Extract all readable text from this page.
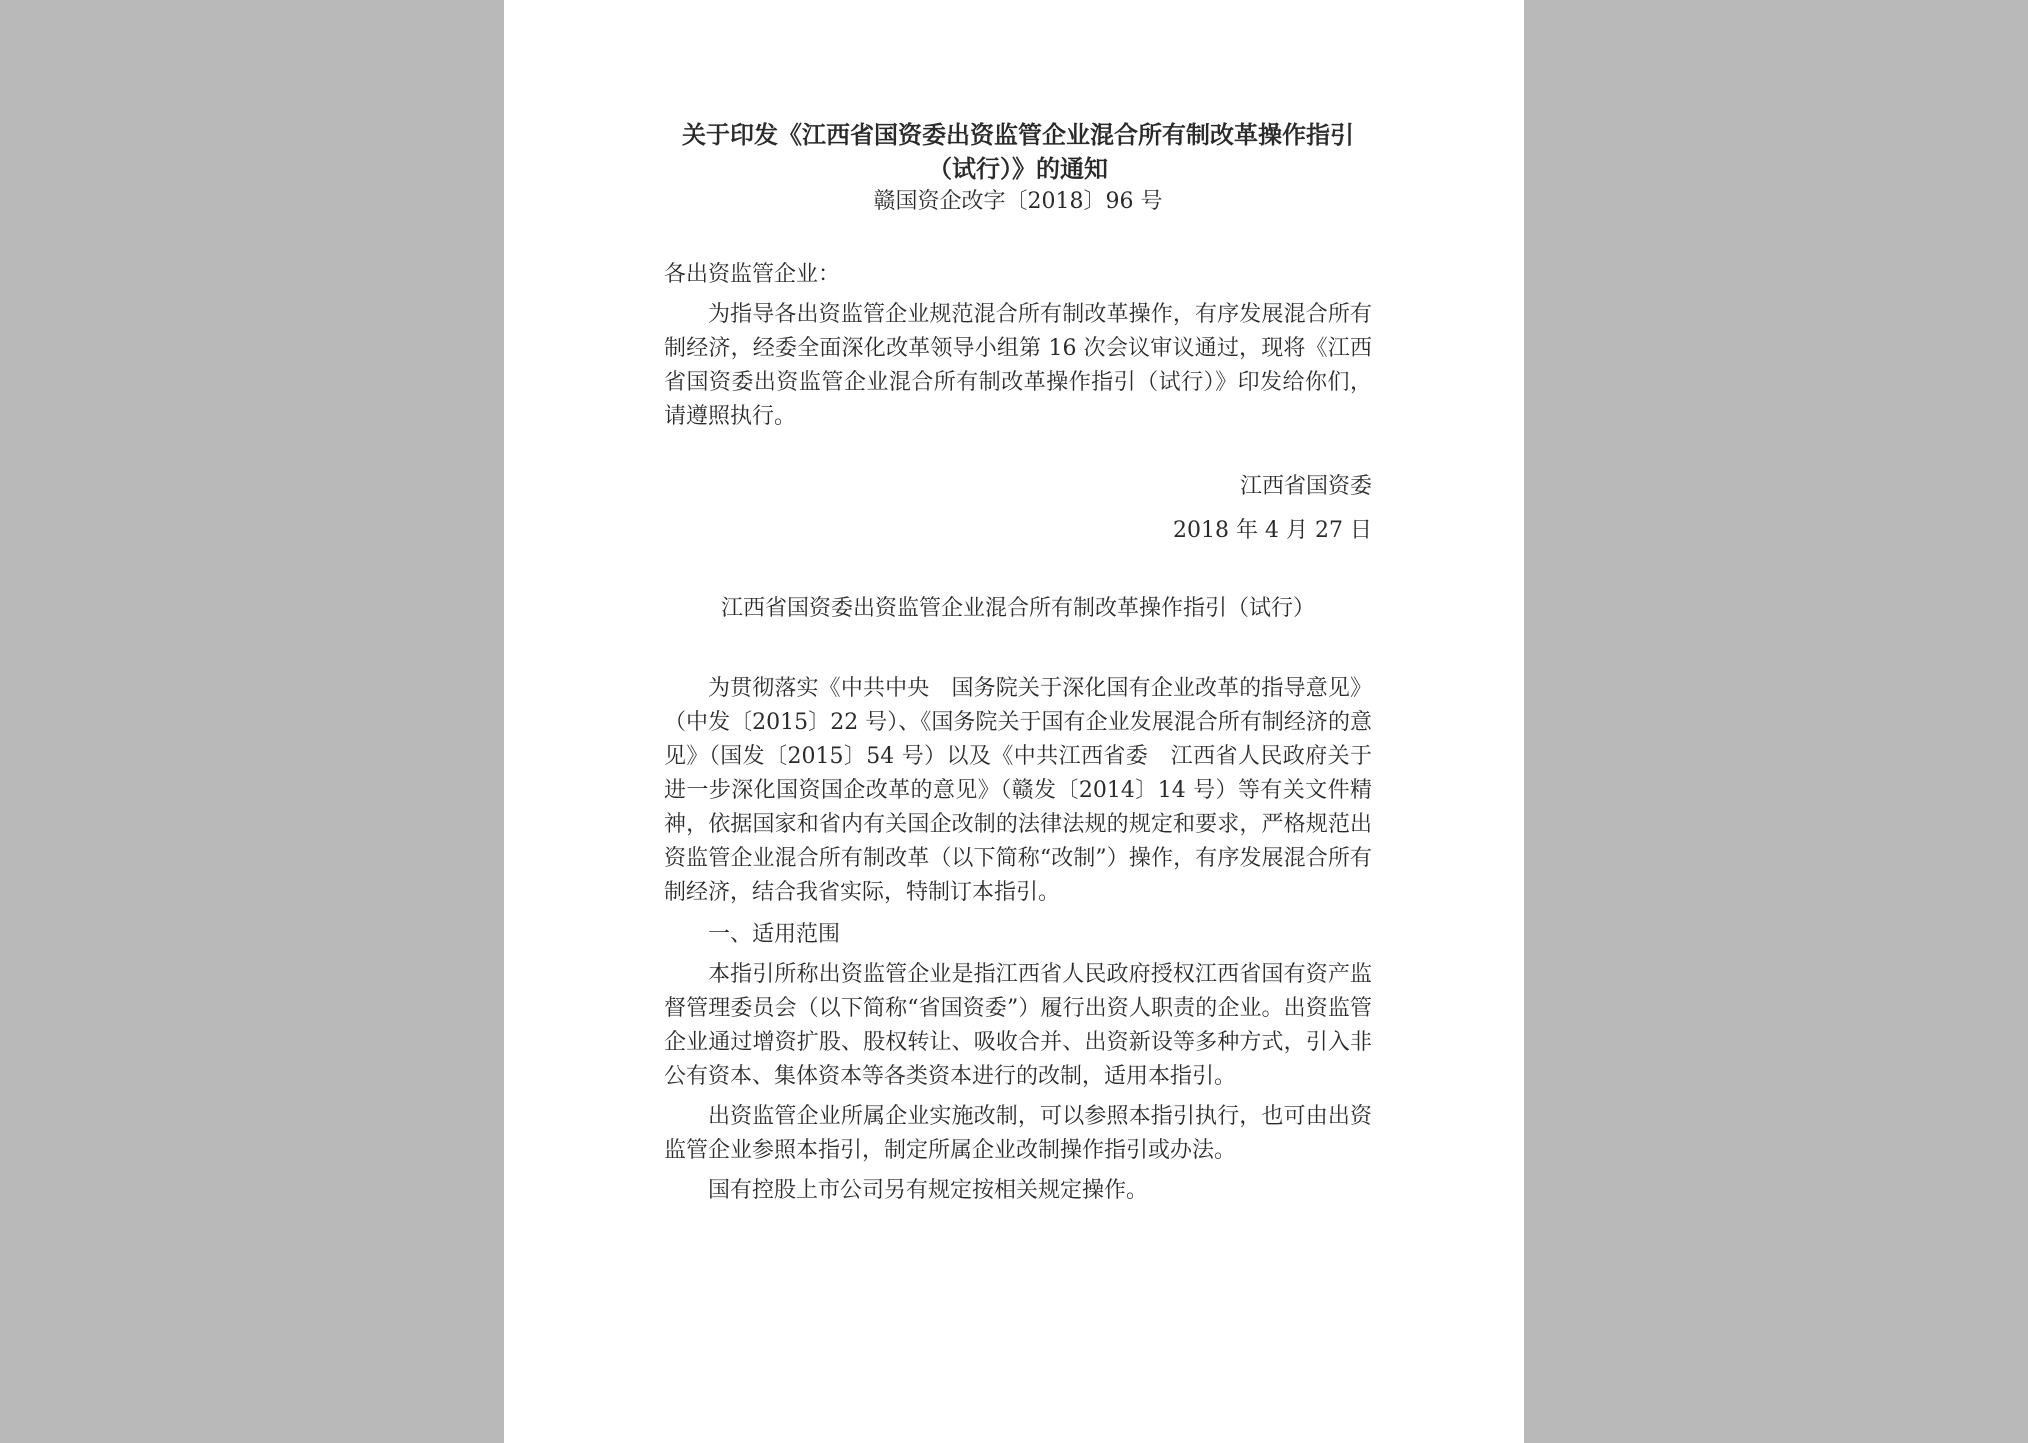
关于印发《江西省国资委出资监管企业混合所有制改革操作指引
（试行）》的通知

赣国资企改字〔2018〕96 号

各出资监管企业：

为指导各出资监管企业规范混合所有制改革操作，有序发展混合所有制经济，经委全面深化改革领导小组第 16 次会议审议通过，现将《江西省国资委出资监管企业混合所有制改革操作指引（试行）》印发给你们，请遵照执行。

江西省国资委

2018 年 4 月 27 日

江西省国资委出资监管企业混合所有制改革操作指引（试行）

为贯彻落实《中共中央　国务院关于深化国有企业改革的指导意见》（中发〔2015〕22 号）、《国务院关于国有企业发展混合所有制经济的意见》（国发〔2015〕54 号）以及《中共江西省委　江西省人民政府关于进一步深化国资国企改革的意见》（赣发〔2014〕14 号）等有关文件精神，依据国家和省内有关国企改制的法律法规的规定和要求，严格规范出资监管企业混合所有制改革（以下简称“改制”）操作，有序发展混合所有制经济，结合我省实际，特制订本指引。

一、适用范围

本指引所称出资监管企业是指江西省人民政府授权江西省国有资产监督管理委员会（以下简称“省国资委”）履行出资人职责的企业。出资监管企业通过增资扩股、股权转让、吸收合并、出资新设等多种方式，引入非公有资本、集体资本等各类资本进行的改制，适用本指引。

出资监管企业所属企业实施改制，可以参照本指引执行，也可由出资监管企业参照本指引，制定所属企业改制操作指引或办法。

国有控股上市公司另有规定按相关规定操作。
